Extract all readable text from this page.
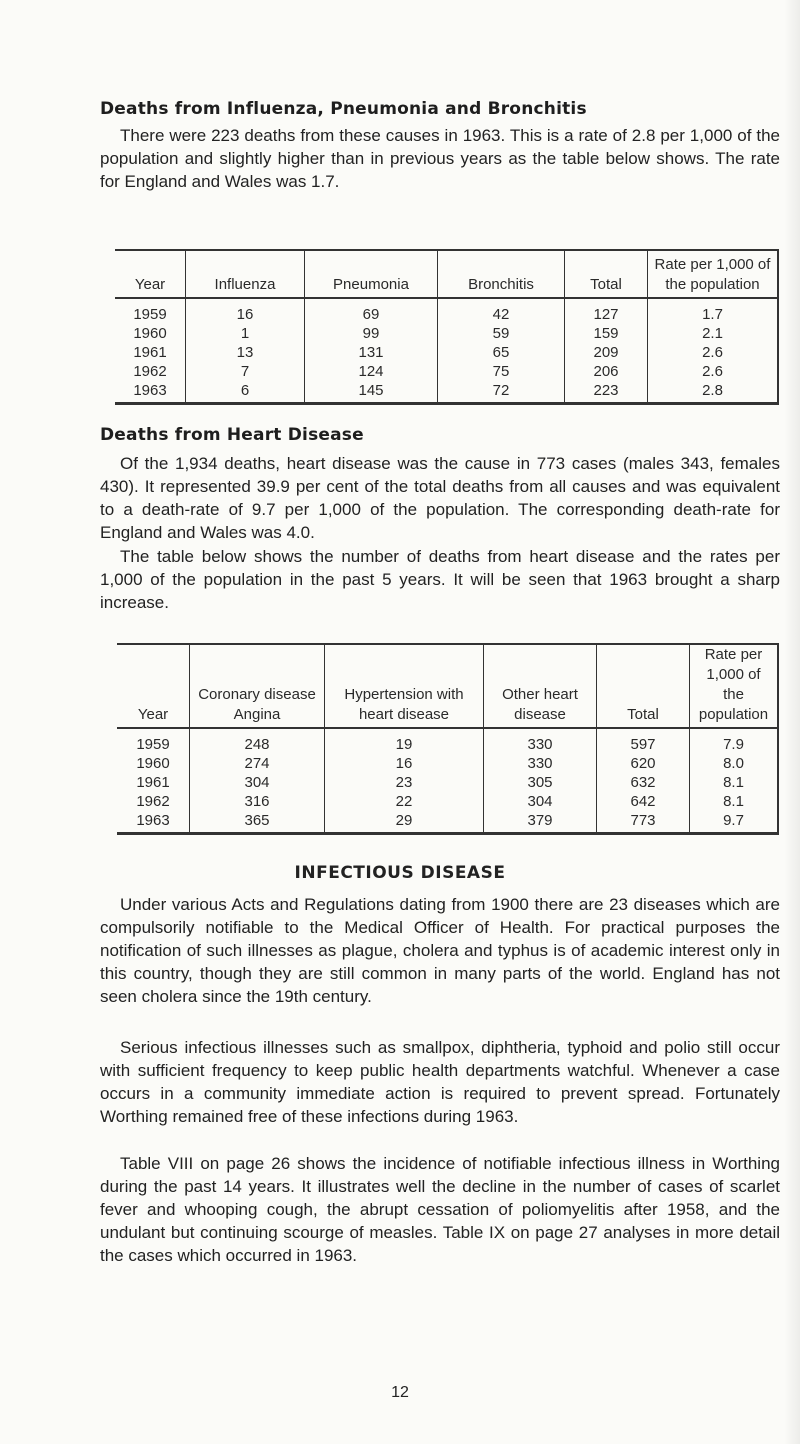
Deaths from Influenza, Pneumonia and Bronchitis

There were 223 deaths from these causes in 1963. This is a rate of 2.8 per 1,000 of the population and slightly higher than in previous years as the table below shows. The rate for England and Wales was 1.7.

Year	Influenza	Pneumonia	Bronchitis	Total	Rate per 1,000 of the population
1959	16	69	42	127	1.7
1960	1	99	59	159	2.1
1961	13	131	65	209	2.6
1962	7	124	75	206	2.6
1963	6	145	72	223	2.8
Deaths from Heart Disease

Of the 1,934 deaths, heart disease was the cause in 773 cases (males 343, females 430). It represented 39.9 per cent of the total deaths from all causes and was equivalent to a death-rate of 9.7 per 1,000 of the population. The corresponding death-rate for England and Wales was 4.0.

The table below shows the number of deaths from heart disease and the rates per 1,000 of the population in the past 5 years. It will be seen that 1963 brought a sharp increase.

Year	Coronary disease Angina	Hypertension with heart disease	Other heart disease	Total	Rate per 1,000 of the population
1959	248	19	330	597	7.9
1960	274	16	330	620	8.0
1961	304	23	305	632	8.1
1962	316	22	304	642	8.1
1963	365	29	379	773	9.7
INFECTIOUS DISEASE

Under various Acts and Regulations dating from 1900 there are 23 diseases which are compulsorily notifiable to the Medical Officer of Health. For practical purposes the notification of such illnesses as plague, cholera and typhus is of academic interest only in this country, though they are still common in many parts of the world. England has not seen cholera since the 19th century.

Serious infectious illnesses such as smallpox, diphtheria, typhoid and polio still occur with sufficient frequency to keep public health departments watchful. Whenever a case occurs in a community immediate action is required to prevent spread. Fortunately Worthing remained free of these infections during 1963.

Table VIII on page 26 shows the incidence of notifiable infectious illness in Worthing during the past 14 years. It illustrates well the decline in the number of cases of scarlet fever and whooping cough, the abrupt cessation of poliomyelitis after 1958, and the undulant but continuing scourge of measles. Table IX on page 27 analyses in more detail the cases which occurred in 1963.

12
